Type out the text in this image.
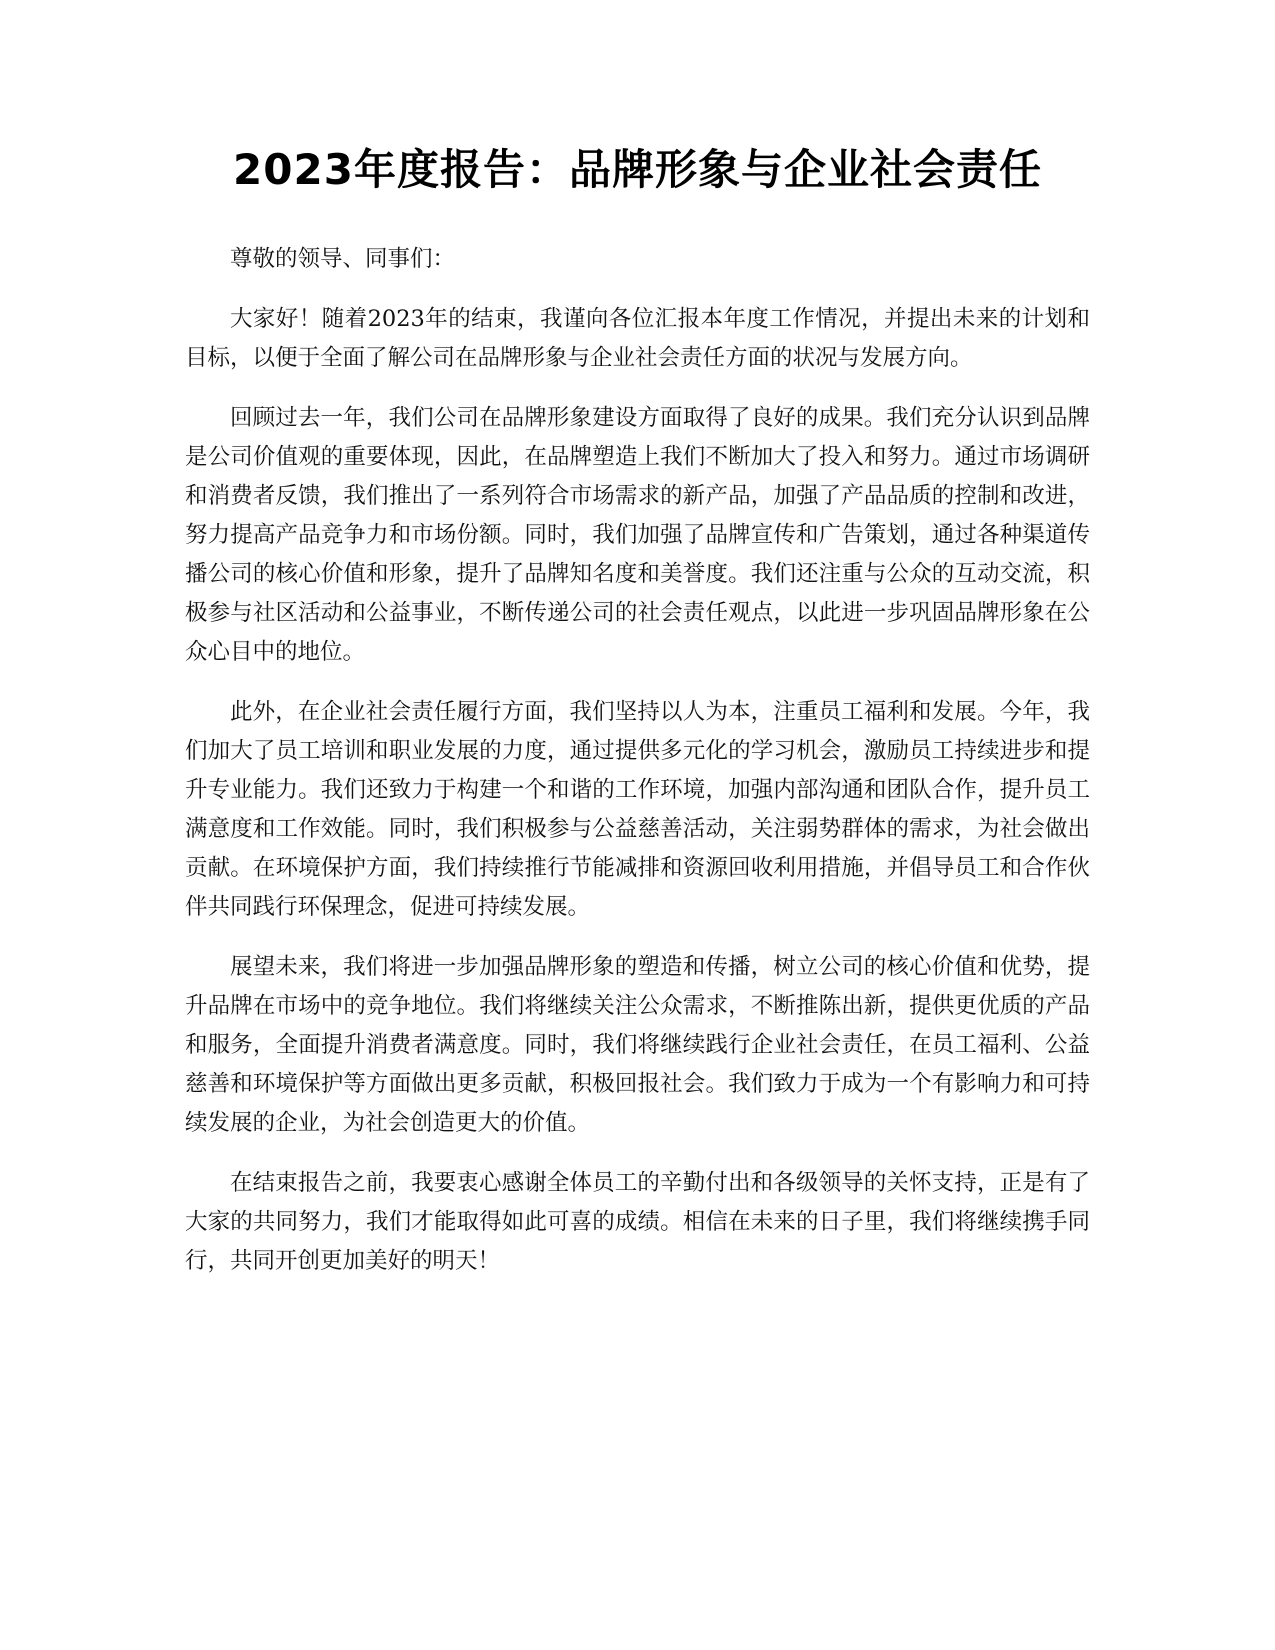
2023年度报告：品牌形象与企业社会责任

尊敬的领导、同事们：

大家好！随着2023年的结束，我谨向各位汇报本年度工作情况，并提出未来的计划和目标，以便于全面了解公司在品牌形象与企业社会责任方面的状况与发展方向。

回顾过去一年，我们公司在品牌形象建设方面取得了良好的成果。我们充分认识到品牌是公司价值观的重要体现，因此，在品牌塑造上我们不断加大了投入和努力。通过市场调研和消费者反馈，我们推出了一系列符合市场需求的新产品，加强了产品品质的控制和改进，努力提高产品竞争力和市场份额。同时，我们加强了品牌宣传和广告策划，通过各种渠道传播公司的核心价值和形象，提升了品牌知名度和美誉度。我们还注重与公众的互动交流，积极参与社区活动和公益事业，不断传递公司的社会责任观点，以此进一步巩固品牌形象在公众心目中的地位。

此外，在企业社会责任履行方面，我们坚持以人为本，注重员工福利和发展。今年，我们加大了员工培训和职业发展的力度，通过提供多元化的学习机会，激励员工持续进步和提升专业能力。我们还致力于构建一个和谐的工作环境，加强内部沟通和团队合作，提升员工满意度和工作效能。同时，我们积极参与公益慈善活动，关注弱势群体的需求，为社会做出贡献。在环境保护方面，我们持续推行节能减排和资源回收利用措施，并倡导员工和合作伙伴共同践行环保理念，促进可持续发展。

展望未来，我们将进一步加强品牌形象的塑造和传播，树立公司的核心价值和优势，提升品牌在市场中的竞争地位。我们将继续关注公众需求，不断推陈出新，提供更优质的产品和服务，全面提升消费者满意度。同时，我们将继续践行企业社会责任，在员工福利、公益慈善和环境保护等方面做出更多贡献，积极回报社会。我们致力于成为一个有影响力和可持续发展的企业，为社会创造更大的价值。

在结束报告之前，我要衷心感谢全体员工的辛勤付出和各级领导的关怀支持，正是有了大家的共同努力，我们才能取得如此可喜的成绩。相信在未来的日子里，我们将继续携手同行，共同开创更加美好的明天！
